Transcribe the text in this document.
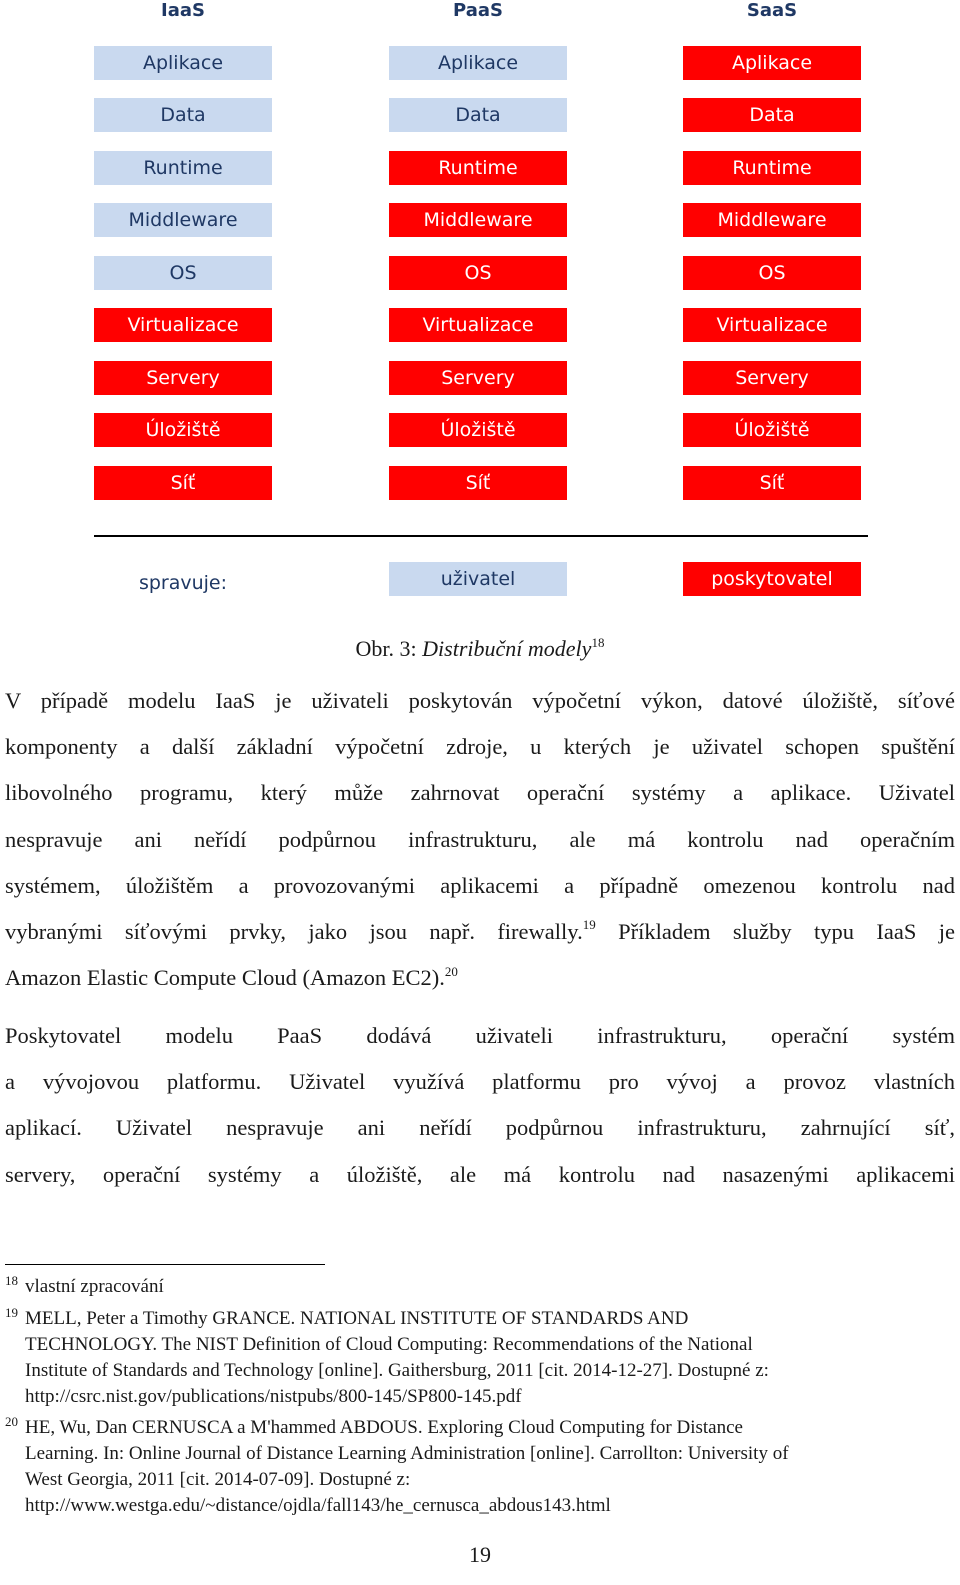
IaaS
Aplikace
Data
Runtime
Middleware
OS
Virtualizace
Servery
Úložiště
Síť
PaaS
Aplikace
Data
Runtime
Middleware
OS
Virtualizace
Servery
Úložiště
Síť
SaaS
Aplikace
Data
Runtime
Middleware
OS
Virtualizace
Servery
Úložiště
Síť
spravuje:	uživatel	poskytovatel
Obr. 3: Distribuční modely$^{18}$
V případě modelu IaaS je uživateli poskytován výpočetní výkon, datové úložiště, síťové
komponenty a další základní výpočetní zdroje, u kterých je uživatel schopen spuštění
libovolného programu, který může zahrnovat operační systémy a aplikace. Uživatel
nespravuje ani neřídí podpůrnou infrastrukturu, ale má kontrolu nad operačním
systémem, úložištěm a provozovanými aplikacemi a případně omezenou kontrolu nad
vybranými síťovými prvky, jako jsou např. firewally.$^{19}$ Příkladem služby typu IaaS je
Amazon Elastic Compute Cloud (Amazon EC2).$^{20}$
Poskytovatel modelu PaaS dodává uživateli infrastrukturu, operační systém
a vývojovou platformu. Uživatel využívá platformu pro vývoj a provoz vlastních
aplikací. Uživatel nespravuje ani neřídí podpůrnou infrastrukturu, zahrnující síť,
servery, operační systémy a úložiště, ale má kontrolu nad nasazenými aplikacemi
18 vlastní zpracování
19 MELL, Peter a Timothy GRANCE. NATIONAL INSTITUTE OF STANDARDS AND
TECHNOLOGY. The NIST Definition of Cloud Computing: Recommendations of the National
Institute of Standards and Technology [online]. Gaithersburg, 2011 [cit. 2014-12-27]. Dostupné z:
http://csrc.nist.gov/publications/nistpubs/800-145/SP800-145.pdf
20 HE, Wu, Dan CERNUSCA a M'hammed ABDOUS. Exploring Cloud Computing for Distance
Learning. In: Online Journal of Distance Learning Administration [online]. Carrollton: University of
West Georgia, 2011 [cit. 2014-07-09]. Dostupné z:
http://www.westga.edu/~distance/ojdla/fall143/he_cernusca_abdous143.html
19
